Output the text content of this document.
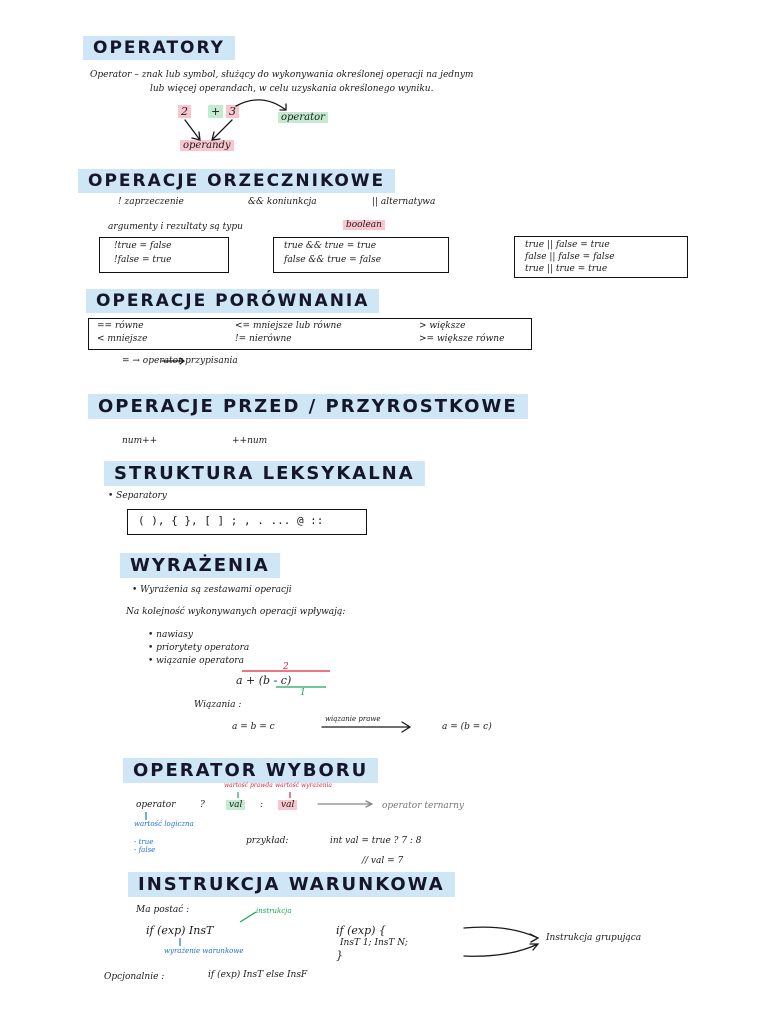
OPERATORY
Operator – znak lub symbol, służący do wykonywania określonej operacji na jednym
lub więcej operandach, w celu uzyskania określonego wyniku.
2 + 3	operator
operandy
OPERACJE ORZECZNIKOWE
! zaprzeczenie	&& koniunkcja	|| alternatywa
argumenty i rezultaty są typu	boolean
!true = false
!false = true
true && true = true
false && true = false
true || false = true
false || false = false
true || true = true
OPERACJE PORÓWNANIA
== równe	<= mniejsze lub równe	> większe
< mniejsze	!= nierówne	>= większe równe
= → operator przypisania
OPERACJE PRZED / PRZYROSTKOWE
num++	++num
STRUKTURA LEKSYKALNA
• Separatory
( ), { }, [ ] ; , . ... @ ::
WYRAŻENIA
• Wyrażenia są zestawami operacji
Na kolejność wykonywanych operacji wpływają:
• nawiasy
• priorytety operatora
• wiązanie operatora
2
a + (b - c)
1
Wiązania :
a = b = c
wiązanie prawe
a = (b = c)
OPERATOR WYBORU
wartość prawda wartość wyrażenia
operator	?	val	:	val	operator ternarny
wartość logiczna
- true
- false
przykład:	int val = true ? 7 : 8
// val = 7
INSTRUKCJA WARUNKOWA
Ma postać :	instrukcja
if (exp) InsT
wyrażenie warunkowe
if (exp) {
InsT 1; InsT N;
}
Instrukcja grupująca
Opcjonalnie :	if (exp) InsT else InsF
